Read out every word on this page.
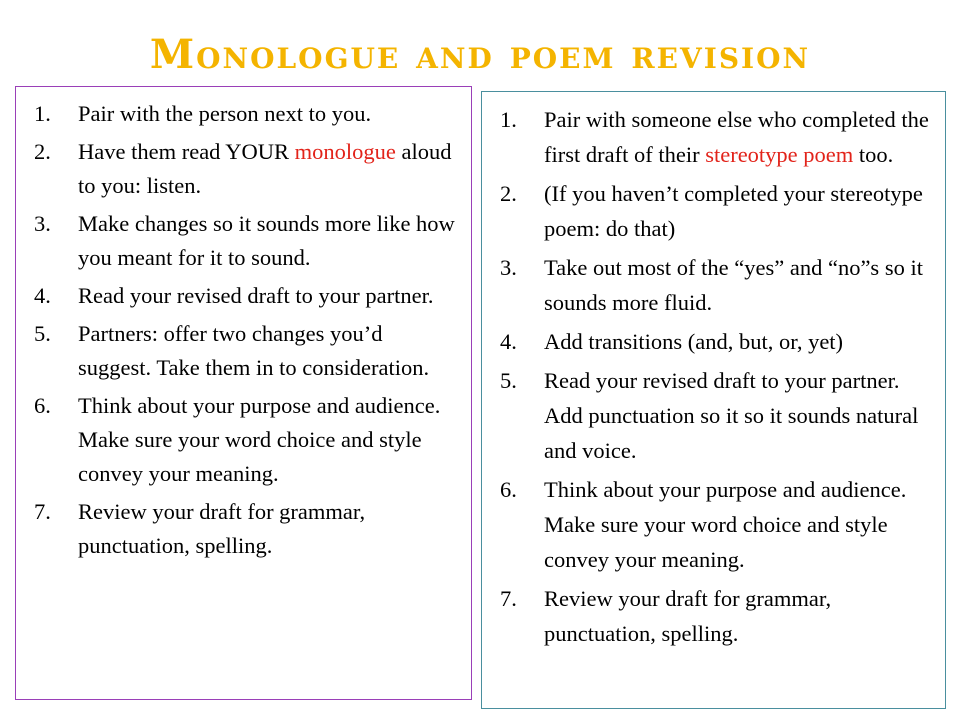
Monologue and poem revision
1. Pair with the person next to you.
2. Have them read YOUR monologue aloud to you: listen.
3. Make changes so it sounds more like how you meant for it to sound.
4. Read your revised draft to your partner.
5. Partners: offer two changes you’d suggest. Take them in to consideration.
6. Think about your purpose and audience. Make sure your word choice and style convey your meaning.
7. Review your draft for grammar, punctuation, spelling.
1. Pair with someone else who completed the first draft of their stereotype poem too.
2. (If you haven’t completed your stereotype poem: do that)
3. Take out most of the “yes” and “no”s so it sounds more fluid.
4. Add transitions (and, but, or, yet)
5. Read your revised draft to your partner. Add punctuation so it so it sounds natural and voice.
6. Think about your purpose and audience. Make sure your word choice and style convey your meaning.
7. Review your draft for grammar, punctuation, spelling.
